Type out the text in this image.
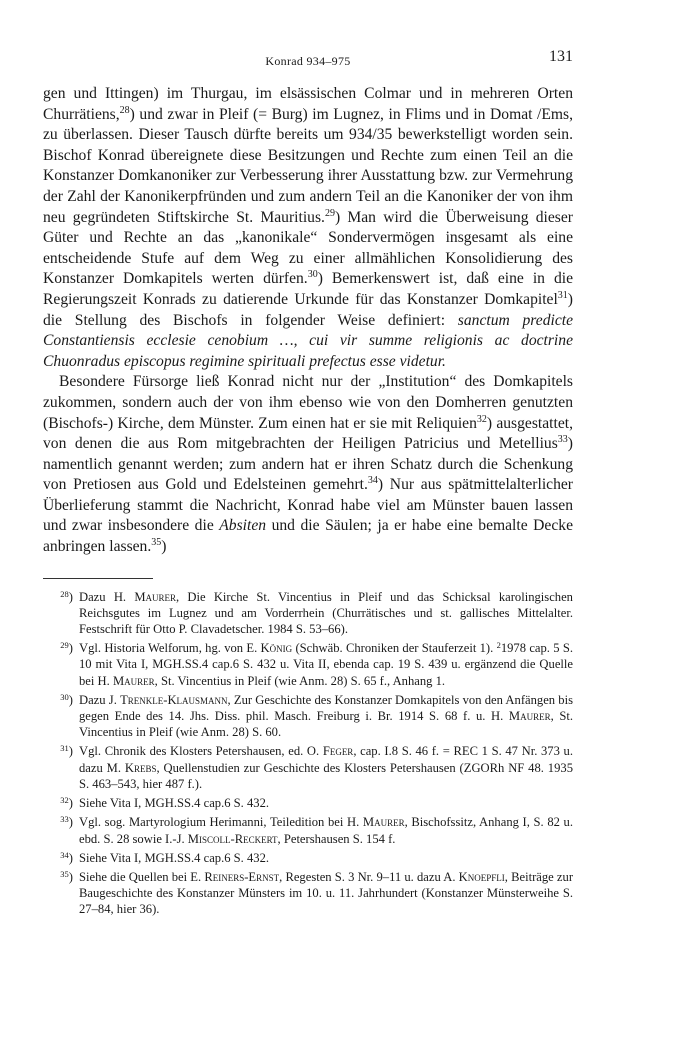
Konrad 934–975	131

gen und Ittingen) im Thurgau, im elsässischen Colmar und in mehreren Orten Churrätiens,$^{28}$) und zwar in Pleif (= Burg) im Lugnez, in Flims und in Domat /Ems, zu überlassen. Dieser Tausch dürfte bereits um 934/35 bewerkstelligt worden sein. Bischof Konrad übereignete diese Besitzungen und Rechte zum einen Teil an die Konstanzer Domkanoniker zur Verbesserung ihrer Ausstattung bzw. zur Vermehrung der Zahl der Kanonikerpfründen und zum andern Teil an die Kanoniker der von ihm neu gegründeten Stiftskirche St. Mauritius.$^{29}$) Man wird die Überweisung dieser Güter und Rechte an das „kanonikale“ Sondervermögen insgesamt als eine entscheidende Stufe auf dem Weg zu einer allmählichen Konsolidierung des Konstanzer Domkapitels werten dürfen.$^{30}$) Bemerkenswert ist, daß eine in die Regierungszeit Konrads zu datierende Urkunde für das Konstanzer Domkapitel$^{31}$) die Stellung des Bischofs in folgender Weise definiert: sanctum predicte Constantiensis ecclesie cenobium …, cui vir summe religionis ac doctrine Chuonradus episcopus regimine spirituali prefectus esse videtur.

Besondere Fürsorge ließ Konrad nicht nur der „Institution“ des Domkapitels zukommen, sondern auch der von ihm ebenso wie von den Domherren genutzten (Bischofs-) Kirche, dem Münster. Zum einen hat er sie mit Reliquien$^{32}$) ausgestattet, von denen die aus Rom mitgebrachten der Heiligen Patricius und Metellius$^{33}$) namentlich genannt werden; zum andern hat er ihren Schatz durch die Schenkung von Pretiosen aus Gold und Edelsteinen gemehrt.$^{34}$) Nur aus spätmittelalterlicher Überlieferung stammt die Nachricht, Konrad habe viel am Münster bauen lassen und zwar insbesondere die Absiten und die Säulen; ja er habe eine bemalte Decke anbringen lassen.$^{35}$)

$^{28}$) Dazu H. Maurer, Die Kirche St. Vincentius in Pleif und das Schicksal karolingischen Reichsgutes im Lugnez und am Vorderrhein (Churrätisches und st. gallisches Mittelalter. Festschrift für Otto P. Clavadetscher. 1984 S. 53–66).
$^{29}$) Vgl. Historia Welforum, hg. von E. König (Schwäb. Chroniken der Stauferzeit 1). $^2$1978 cap. 5 S. 10 mit Vita I, MGH.SS.4 cap.6 S. 432 u. Vita II, ebenda cap. 19 S. 439 u. ergänzend die Quelle bei H. Maurer, St. Vincentius in Pleif (wie Anm. 28) S. 65 f., Anhang 1.
$^{30}$) Dazu J. Trenkle-Klausmann, Zur Geschichte des Konstanzer Domkapitels von den Anfängen bis gegen Ende des 14. Jhs. Diss. phil. Masch. Freiburg i. Br. 1914 S. 68 f. u. H. Maurer, St. Vincentius in Pleif (wie Anm. 28) S. 60.
$^{31}$) Vgl. Chronik des Klosters Petershausen, ed. O. Feger, cap. I.8 S. 46 f. = REC 1 S. 47 Nr. 373 u. dazu M. Krebs, Quellenstudien zur Geschichte des Klosters Petershausen (ZGORh NF 48. 1935 S. 463–543, hier 487 f.).
$^{32}$) Siehe Vita I, MGH.SS.4 cap.6 S. 432.
$^{33}$) Vgl. sog. Martyrologium Herimanni, Teiledition bei H. Maurer, Bischofssitz, Anhang I, S. 82 u. ebd. S. 28 sowie I.-J. Miscoll-Reckert, Petershausen S. 154 f.
$^{34}$) Siehe Vita I, MGH.SS.4 cap.6 S. 432.
$^{35}$) Siehe die Quellen bei E. Reiners-Ernst, Regesten S. 3 Nr. 9–11 u. dazu A. Knoepfli, Beiträge zur Baugeschichte des Konstanzer Münsters im 10. u. 11. Jahrhundert (Konstanzer Münsterweihe S. 27–84, hier 36).
